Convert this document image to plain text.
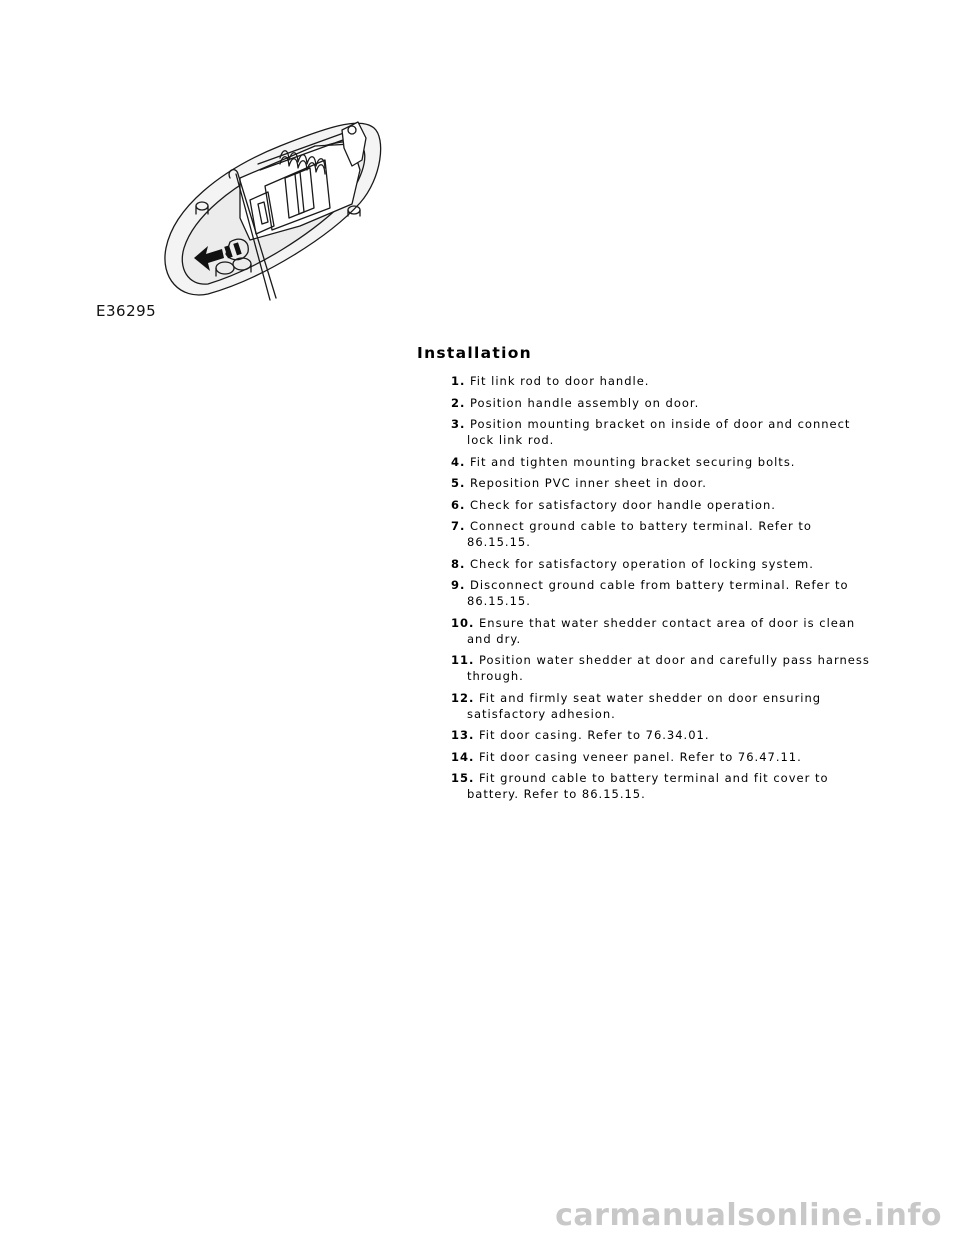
E36295
Installation
1. Fit link rod to door handle.
2. Position handle assembly on door.
3. Position mounting bracket on inside of door and connect lock link rod.
4. Fit and tighten mounting bracket securing bolts.
5. Reposition PVC inner sheet in door.
6. Check for satisfactory door handle operation.
7. Connect ground cable to battery terminal. Refer to 86.15.15.
8. Check for satisfactory operation of locking system.
9. Disconnect ground cable from battery terminal. Refer to 86.15.15.
10. Ensure that water shedder contact area of door is clean and dry.
11. Position water shedder at door and carefully pass harness through.
12. Fit and firmly seat water shedder on door ensuring satisfactory adhesion.
13. Fit door casing. Refer to 76.34.01.
14. Fit door casing veneer panel. Refer to 76.47.11.
15. Fit ground cable to battery terminal and fit cover to battery. Refer to 86.15.15.
carmanualsonline.info
